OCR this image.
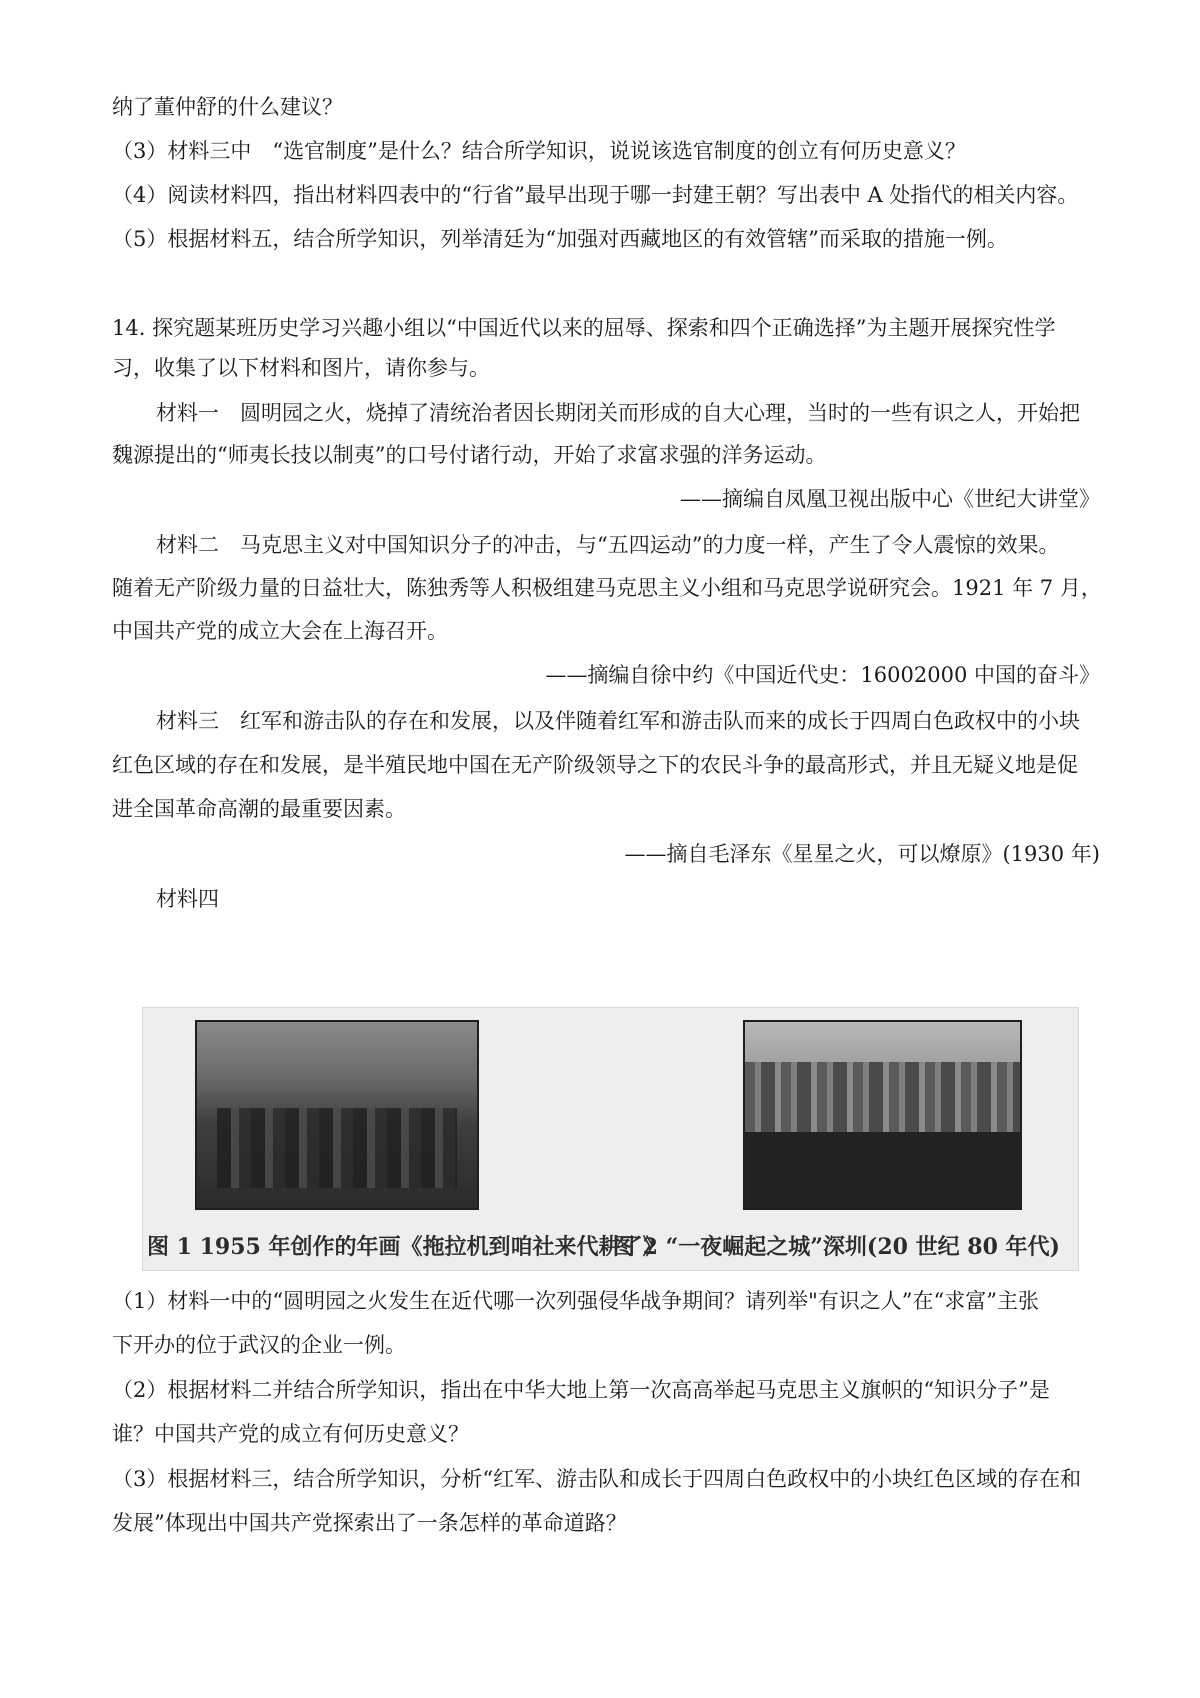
纳了董仲舒的什么建议？
（3）材料三中　“选官制度”是什么？结合所学知识，说说该选官制度的创立有何历史意义？
（4）阅读材料四，指出材料四表中的“行省”最早出现于哪一封建王朝？写出表中 A 处指代的相关内容。
（5）根据材料五，结合所学知识，列举清廷为“加强对西藏地区的有效管辖”而采取的措施一例。
14. 探究题某班历史学习兴趣小组以“中国近代以来的屈辱、探索和四个正确选择”为主题开展探究性学
习，收集了以下材料和图片，请你参与。
材料一　圆明园之火，烧掉了清统治者因长期闭关而形成的自大心理，当时的一些有识之人，开始把
魏源提出的“师夷长技以制夷”的口号付诸行动，开始了求富求强的洋务运动。
——摘编自凤凰卫视出版中心《世纪大讲堂》
材料二　马克思主义对中国知识分子的冲击，与“五四运动”的力度一样，产生了令人震惊的效果。
随着无产阶级力量的日益壮大，陈独秀等人积极组建马克思主义小组和马克思学说研究会。1921 年 7 月，
中国共产党的成立大会在上海召开。
——摘编自徐中约《中国近代史：16002000 中国的奋斗》
材料三　红军和游击队的存在和发展，以及伴随着红军和游击队而来的成长于四周白色政权中的小块
红色区域的存在和发展，是半殖民地中国在无产阶级领导之下的农民斗争的最高形式，并且无疑义地是促
进全国革命高潮的最重要因素。
——摘自毛泽东《星星之火，可以燎原》(1930 年)
材料四
图 1 1955 年创作的年画《拖拉机到咱社来代耕了》
图 2 “一夜崛起之城”深圳(20 世纪 80 年代)
（1）材料一中的“圆明园之火发生在近代哪一次列强侵华战争期间？请列举"有识之人”在“求富”主张
下开办的位于武汉的企业一例。
（2）根据材料二并结合所学知识，指出在中华大地上第一次高高举起马克思主义旗帜的“知识分子”是
谁？中国共产党的成立有何历史意义？
（3）根据材料三，结合所学知识，分析“红军、游击队和成长于四周白色政权中的小块红色区域的存在和
发展”体现出中国共产党探索出了一条怎样的革命道路？
